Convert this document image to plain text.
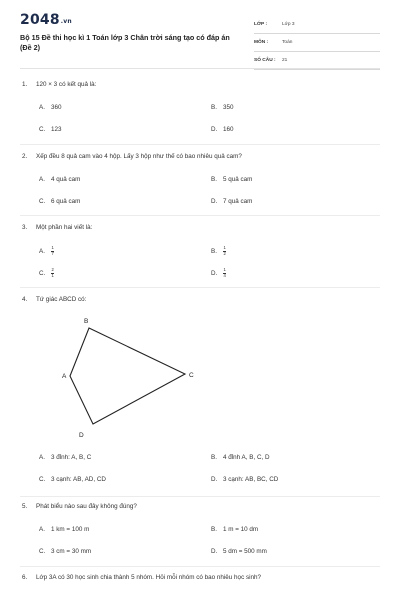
2048.vn
Bộ 15 Đề thi học kì 1 Toán lớp 3 Chân trời sáng tạo có đáp án (Đề 2)
LỚP :	Lớp 3
MÔN :	Toán
SỐ CÂU :	21
1. 120 × 3 có kết quả là:
A. 360	B. 350
C. 123	D. 160
2. Xếp đều 8 quả cam vào 4 hộp. Lấy 3 hộp như thế có bao nhiêu quả cam?
A. 4 quả cam	B. 5 quả cam
C. 6 quả cam	D. 7 quả cam
3. Một phần hai viết là:
A. $\frac{1}{7}$	B. $\frac{1}{2}$
C. $\frac{2}{1}$	D. $\frac{1}{4}$
4. Tứ giác ABCD có:
B
A	C
D
A. 3 đỉnh: A, B, C	B. 4 đỉnh A, B, C, D
C. 3 cạnh: AB, AD, CD	D. 3 cạnh: AB, BC, CD
5. Phát biểu nào sau đây không đúng?
A. 1 km = 100 m	B. 1 m = 10 dm
C. 3 cm = 30 mm	D. 5 dm = 500 mm
6. Lớp 3A có 30 học sinh chia thành 5 nhóm. Hỏi mỗi nhóm có bao nhiêu học sinh?
